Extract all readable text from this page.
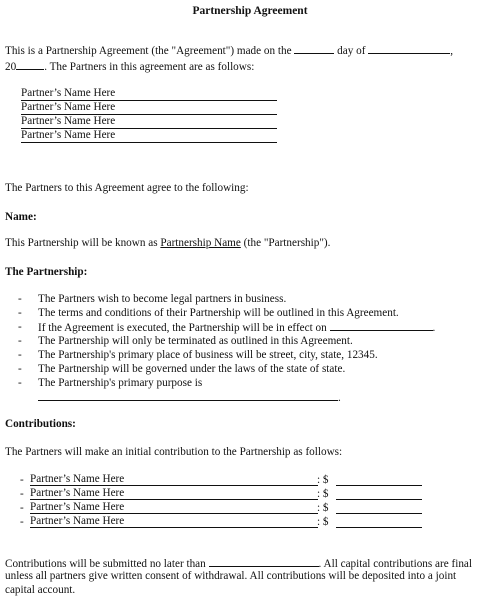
Partnership Agreement
This is a Partnership Agreement (the "Agreement") made on the	day of	,
20	. The Partners in this agreement are as follows:
Partner’s Name Here
Partner’s Name Here
Partner’s Name Here
Partner’s Name Here
The Partners to this Agreement agree to the following:
Name:
This Partnership will be known as Partnership Name (the "Partnership").
The Partnership:
- The Partners wish to become legal partners in business.
- The terms and conditions of their Partnership will be outlined in this Agreement.
- If the Agreement is executed, the Partnership will be in effect on	.
- The Partnership will only be terminated as outlined in this Agreement.
- The Partnership's primary place of business will be street, city, state, 12345.
- The Partnership will be governed under the laws of the state of state.
- The Partnership's primary purpose is
.
Contributions:
The Partners will make an initial contribution to the Partnership as follows:
- Partner’s Name Here	: $
- Partner’s Name Here	: $
- Partner’s Name Here	: $
- Partner’s Name Here	: $
Contributions will be submitted no later than	. All capital contributions are final
unless all partners give written consent of withdrawal. All contributions will be deposited into a joint
capital account.
